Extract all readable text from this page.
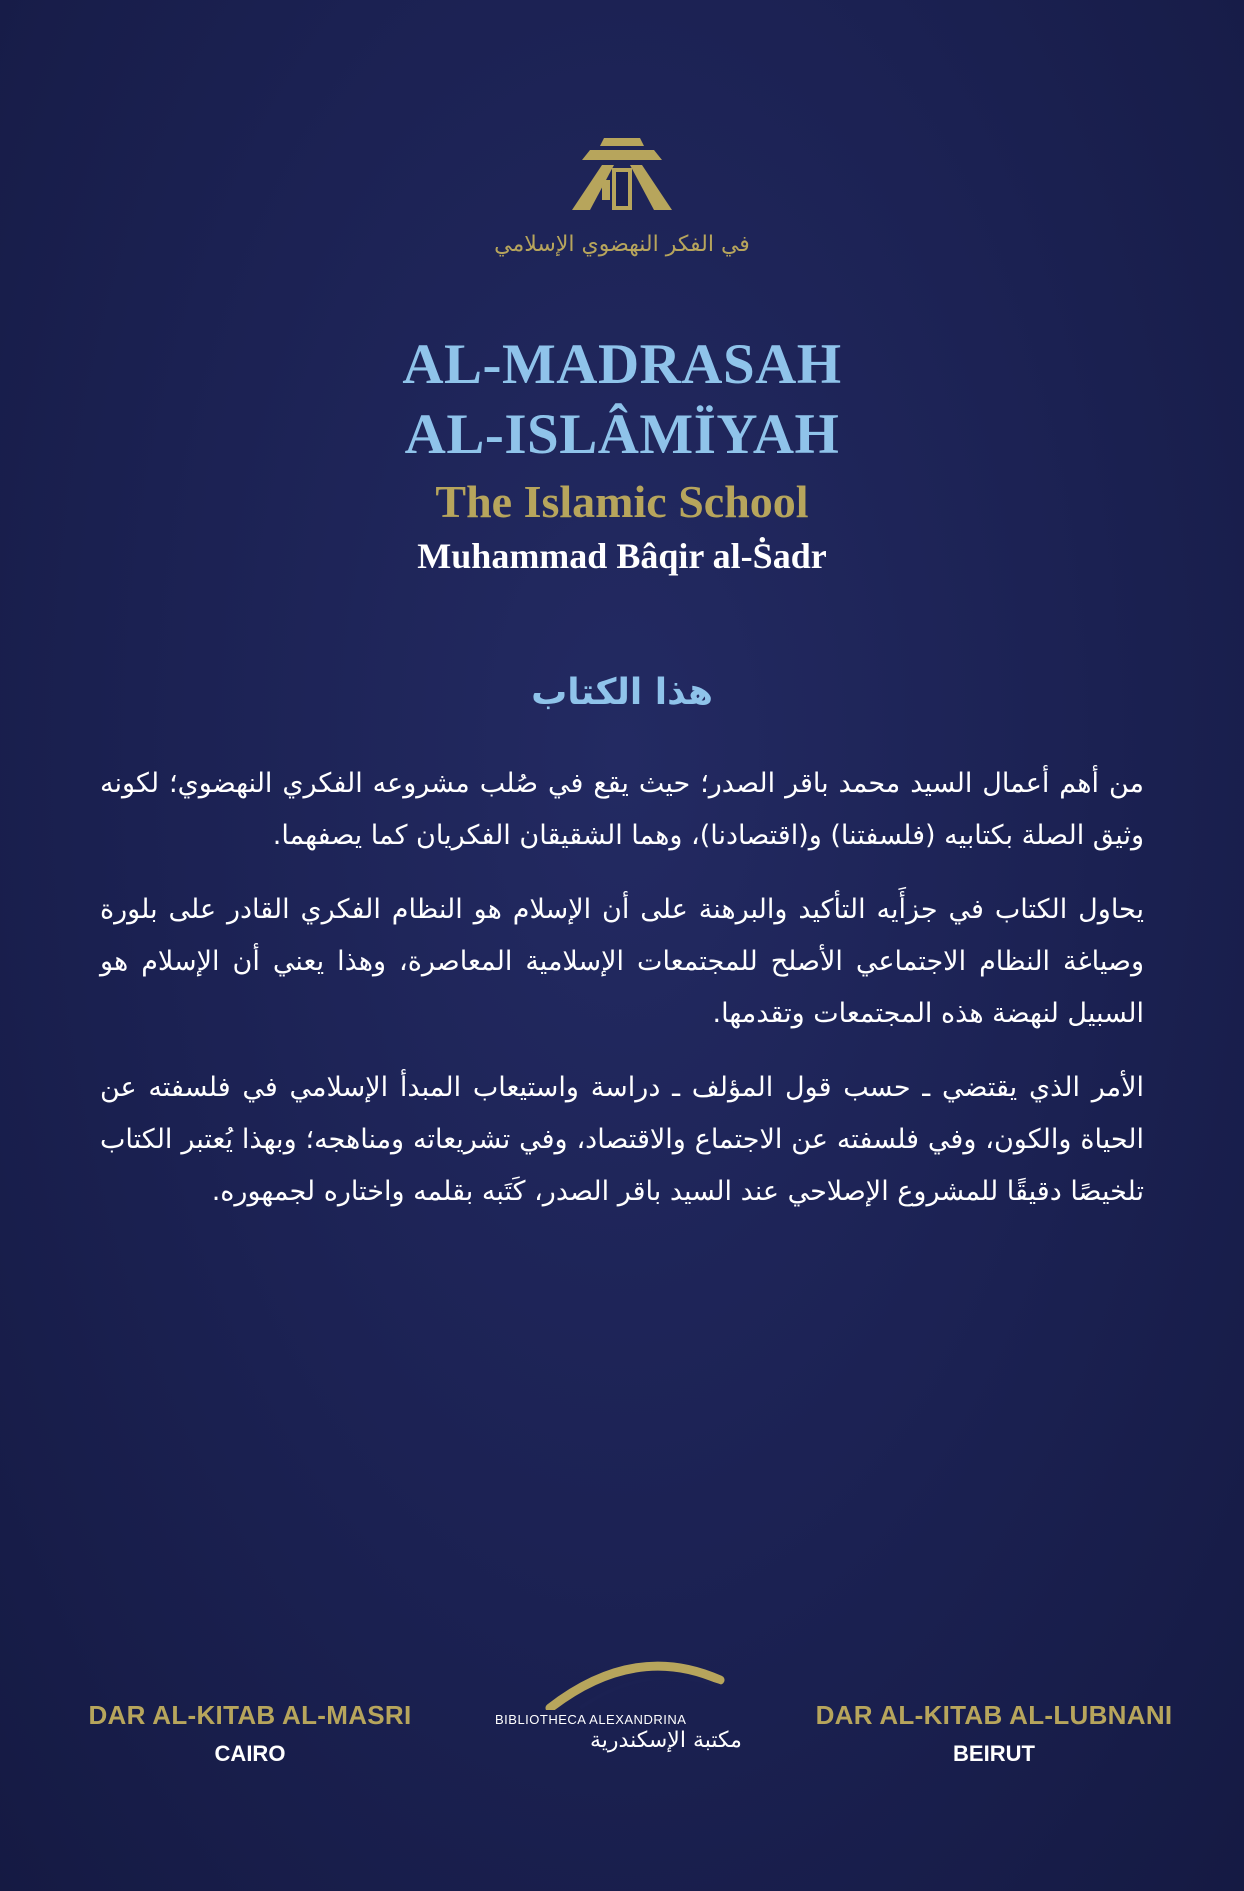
في الفكر النهضوي الإسلامي
AL-MADRASAH
AL-ISLÂMÏYAH
The Islamic School
Muhammad Bâqir al-Ṡadr
هذا الكتاب

من أهم أعمال السيد محمد باقر الصدر؛ حيث يقع في صُلب مشروعه الفكري النهضوي؛ لكونه وثيق الصلة بكتابيه (فلسفتنا) و(اقتصادنا)، وهما الشقيقان الفكريان كما يصفهما.

يحاول الكتاب في جزأَيه التأكيد والبرهنة على أن الإسلام هو النظام الفكري القادر على بلورة وصياغة النظام الاجتماعي الأصلح للمجتمعات الإسلامية المعاصرة، وهذا يعني أن الإسلام هو السبيل لنهضة هذه المجتمعات وتقدمها.

الأمر الذي يقتضي ـ حسب قول المؤلف ـ دراسة واستيعاب المبدأ الإسلامي في فلسفته عن الحياة والكون، وفي فلسفته عن الاجتماع والاقتصاد، وفي تشريعاته ومناهجه؛ وبهذا يُعتبر الكتاب تلخيصًا دقيقًا للمشروع الإصلاحي عند السيد باقر الصدر، كَتَبه بقلمه واختاره لجمهوره.

DAR AL-KITAB AL-MASRI
CAIRO
BIBLIOTHECA ALEXANDRINA
مكتبة الإسكندرية
DAR AL-KITAB AL-LUBNANI
BEIRUT
